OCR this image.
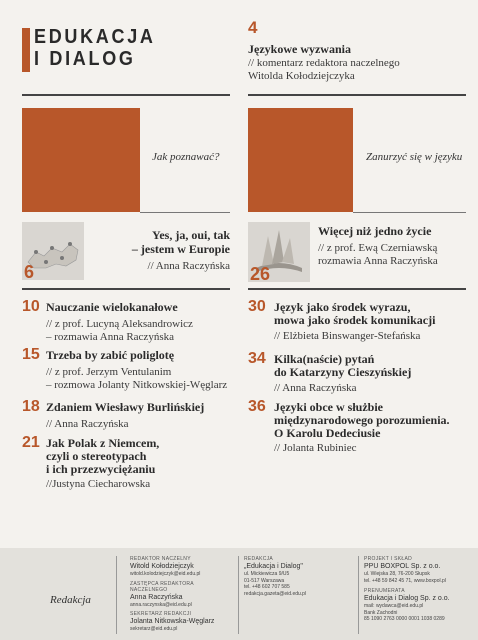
EDUKACJA
I DIALOG
4
Językowe wyzwania
// komentarz redaktora naczelnego
Witolda Kołodziejczyka
Jak poznawać?	Zanurzyć się w języku
6
Yes, ja, oui, tak
– jestem w Europie
// Anna Raczyńska 26
Więcej niż jedno życie
// z prof. Ewą Czerniawską
rozmawia Anna Raczyńska
10 Nauczanie wielokanałowe
// z prof. Lucyną Aleksandrowicz
– rozmawia Anna Raczyńska
15 Trzeba by zabić poliglotę
// z prof. Jerzym Ventulanim
– rozmowa Jolanty Nitkowskiej-Węglarz
18 Zdaniem Wiesławy Burlińskiej
// Anna Raczyńska
21 Jak Polak z Niemcem,
czyli o stereotypach
i ich przezwyciężaniu
//Justyna Ciecharowska
30 Język jako środek wyrazu,
mowa jako środek komunikacji
// Elżbieta Binswanger-Stefańska
34 Kilka(naście) pytań
do Katarzyny Cieszyńskiej
// Anna Raczyńska
36 Języki obce w służbie
międzynarodowego porozumienia.
O Karolu Dedeciusie
// Jolanta Rubiniec
Redakcja
REDAKTOR NACZELNY
Witold Kołodziejczyk
witold.kolodziejczyk@eid.edu.pl
ZASTĘPCA REDAKTORA NACZELNEGO
Anna Raczyńska
anna.raczynska@eid.edu.pl
SEKRETARZ REDAKCJI
Jolanta Nitkowska-Węglarz
sekretarz@eid.edu.pl
REDAKCJA
„Edukacja i Dialog"
ul. Mickiewicza 9/U5
01-517 Warszawa
tel. +48 602 707 585
redakcja.gazeta@eid.edu.pl
PROJEKT I SKŁAD
PPU BOXPOL Sp. z o.o.
ul. Wiejska 28, 76-200 Słupsk
tel. +48 59 842 45 71, www.boxpol.pl
PRENUMERATA
Edukacja i Dialog Sp. z o.o.
mail: wydawca@eid.edu.pl
Bank Zachodni
85 1090 2763 0000 0001 1038 0289
